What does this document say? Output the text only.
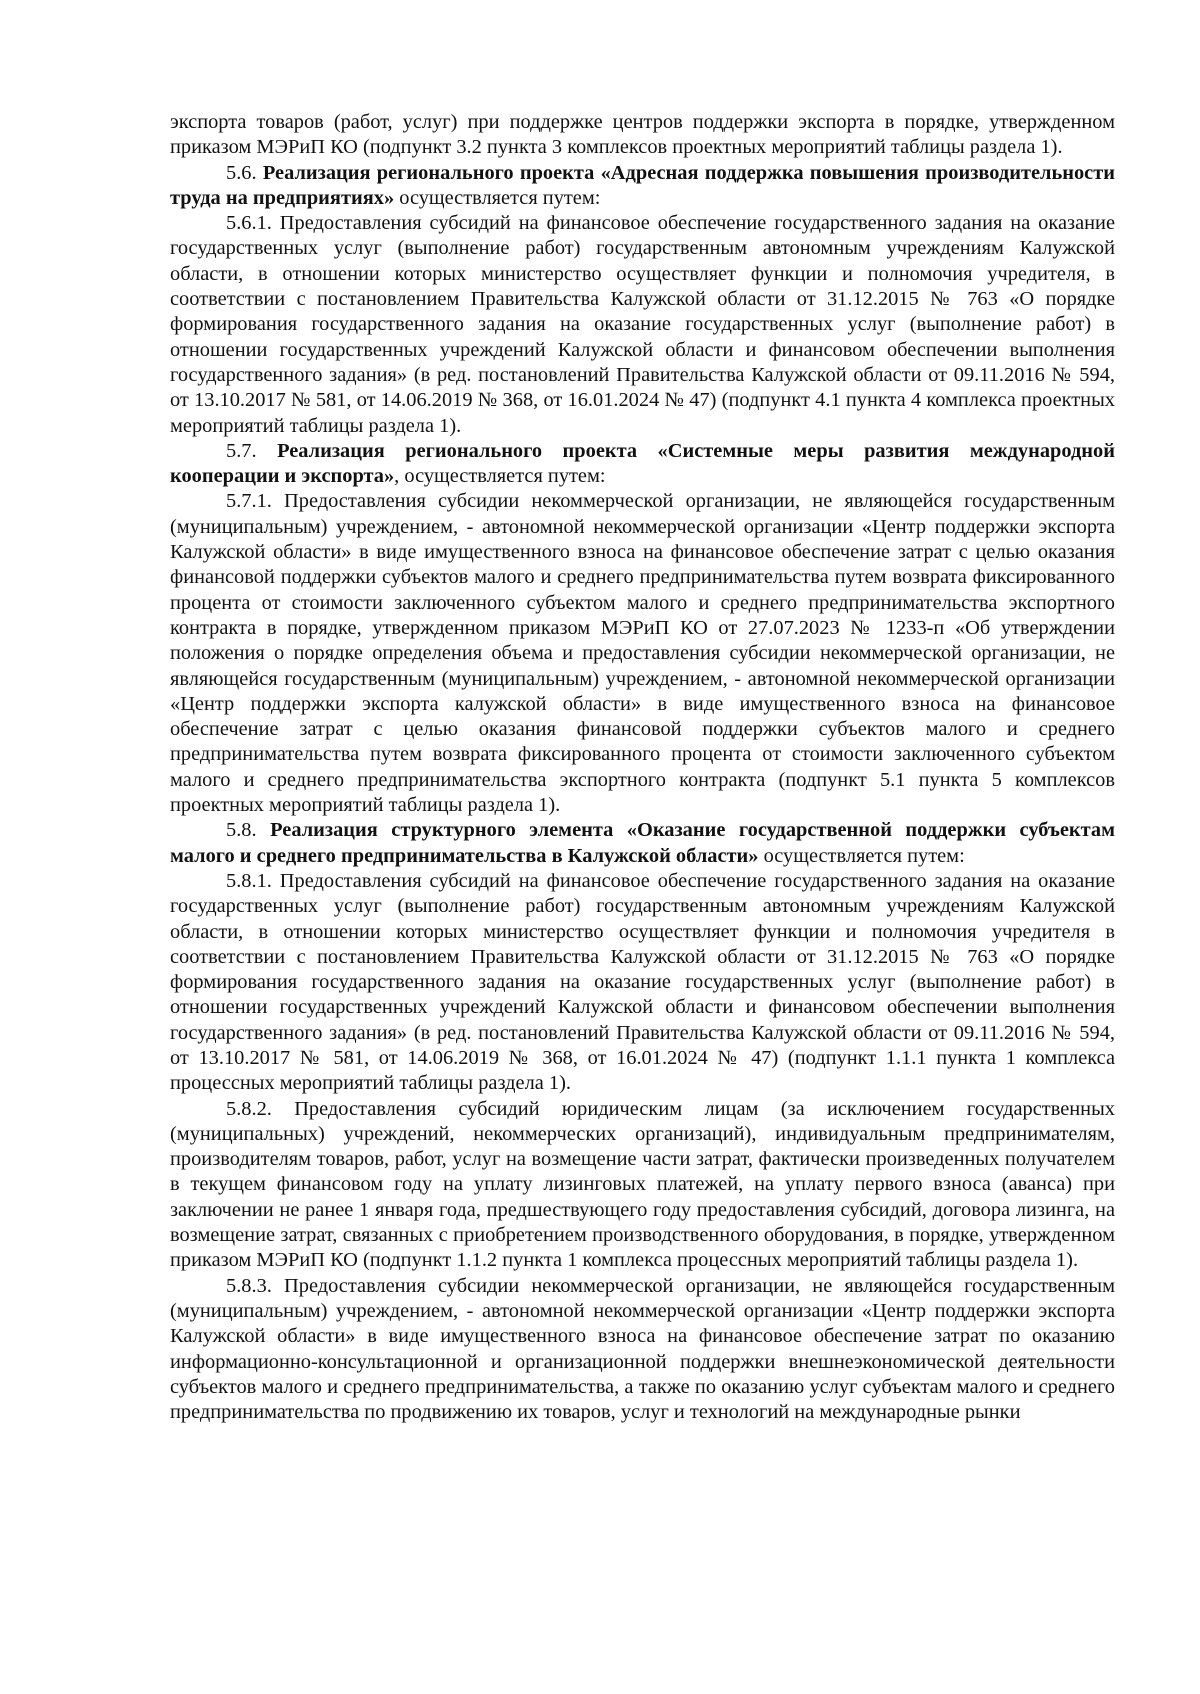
экспорта товаров (работ, услуг) при поддержке центров поддержки экспорта в порядке, утвержденном приказом МЭРиП КО (подпункт 3.2 пункта 3 комплексов проектных мероприятий таблицы раздела 1).

5.6. Реализация регионального проекта «Адресная поддержка повышения производительности труда на предприятиях» осуществляется путем:

5.6.1. Предоставления субсидий на финансовое обеспечение государственного задания на оказание государственных услуг (выполнение работ) государственным автономным учреждениям Калужской области, в отношении которых министерство осуществляет функции и полномочия учредителя, в соответствии с постановлением Правительства Калужской области от 31.12.2015 № 763 «О порядке формирования государственного задания на оказание государственных услуг (выполнение работ) в отношении государственных учреждений Калужской области и финансовом обеспечении выполнения государственного задания» (в ред. постановлений Правительства Калужской области от 09.11.2016 № 594, от 13.10.2017 № 581, от 14.06.2019 № 368, от 16.01.2024 № 47) (подпункт 4.1 пункта 4 комплекса проектных мероприятий таблицы раздела 1).

5.7. Реализация регионального проекта «Системные меры развития международной кооперации и экспорта», осуществляется путем:

5.7.1. Предоставления субсидии некоммерческой организации, не являющейся государственным (муниципальным) учреждением, - автономной некоммерческой организации «Центр поддержки экспорта Калужской области» в виде имущественного взноса на финансовое обеспечение затрат с целью оказания финансовой поддержки субъектов малого и среднего предпринимательства путем возврата фиксированного процента от стоимости заключенного субъектом малого и среднего предпринимательства экспортного контракта в порядке, утвержденном приказом МЭРиП КО от 27.07.2023 № 1233-п «Об утверждении положения о порядке определения объема и предоставления субсидии некоммерческой организации, не являющейся государственным (муниципальным) учреждением, - автономной некоммерческой организации «Центр поддержки экспорта калужской области» в виде имущественного взноса на финансовое обеспечение затрат с целью оказания финансовой поддержки субъектов малого и среднего предпринимательства путем возврата фиксированного процента от стоимости заключенного субъектом малого и среднего предпринимательства экспортного контракта (подпункт 5.1 пункта 5 комплексов проектных мероприятий таблицы раздела 1).

5.8. Реализация структурного элемента «Оказание государственной поддержки субъектам малого и среднего предпринимательства в Калужской области» осуществляется путем:

5.8.1. Предоставления субсидий на финансовое обеспечение государственного задания на оказание государственных услуг (выполнение работ) государственным автономным учреждениям Калужской области, в отношении которых министерство осуществляет функции и полномочия учредителя в соответствии с постановлением Правительства Калужской области от 31.12.2015 № 763 «О порядке формирования государственного задания на оказание государственных услуг (выполнение работ) в отношении государственных учреждений Калужской области и финансовом обеспечении выполнения государственного задания» (в ред. постановлений Правительства Калужской области от 09.11.2016 № 594, от 13.10.2017 № 581, от 14.06.2019 № 368, от 16.01.2024 № 47) (подпункт 1.1.1 пункта 1 комплекса процессных мероприятий таблицы раздела 1).

5.8.2. Предоставления субсидий юридическим лицам (за исключением государственных (муниципальных) учреждений, некоммерческих организаций), индивидуальным предпринимателям, производителям товаров, работ, услуг на возмещение части затрат, фактически произведенных получателем в текущем финансовом году на уплату лизинговых платежей, на уплату первого взноса (аванса) при заключении не ранее 1 января года, предшествующего году предоставления субсидий, договора лизинга, на возмещение затрат, связанных с приобретением производственного оборудования, в порядке, утвержденном приказом МЭРиП КО (подпункт 1.1.2 пункта 1 комплекса процессных мероприятий таблицы раздела 1).

5.8.3. Предоставления субсидии некоммерческой организации, не являющейся государственным (муниципальным) учреждением, - автономной некоммерческой организации «Центр поддержки экспорта Калужской области» в виде имущественного взноса на финансовое обеспечение затрат по оказанию информационно-консультационной и организационной поддержки внешнеэкономической деятельности субъектов малого и среднего предпринимательства, а также по оказанию услуг субъектам малого и среднего предпринимательства по продвижению их товаров, услуг и технологий на международные рынки
